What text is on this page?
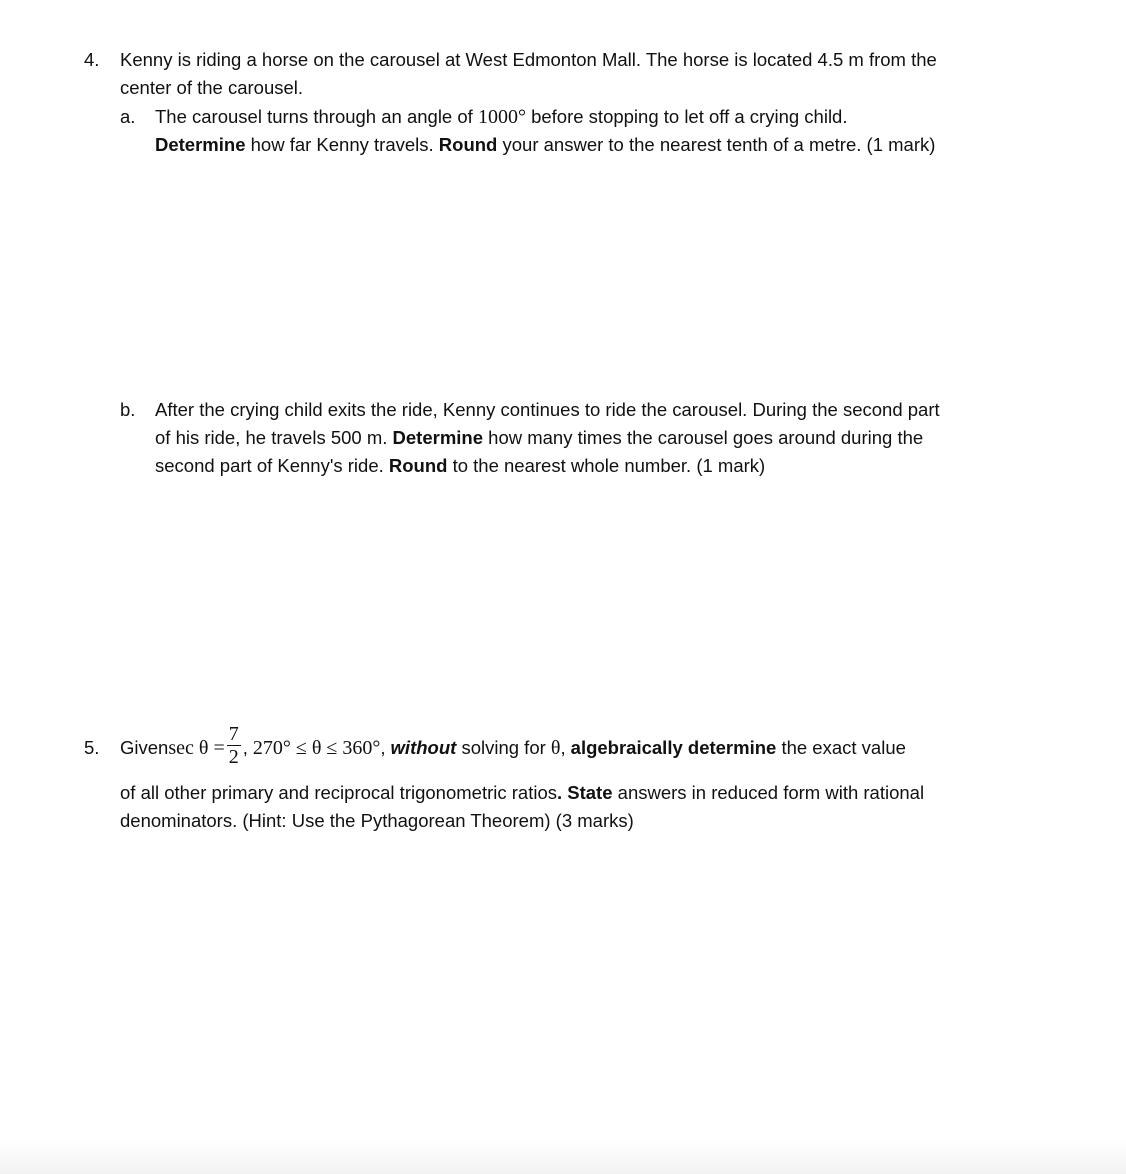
4. Kenny is riding a horse on the carousel at West Edmonton Mall. The horse is located 4.5 m from the
center of the carousel.
a. The carousel turns through an angle of 1000° before stopping to let off a crying child.
Determine how far Kenny travels. Round your answer to the nearest tenth of a metre. (1 mark)
b. After the crying child exits the ride, Kenny continues to ride the carousel. During the second part
of his ride, he travels 500 m. Determine how many times the carousel goes around during the
second part of Kenny's ride. Round to the nearest whole number. (1 mark)
5. Given $\sec \theta = \frac{7}{2}$ , 270° ≤ θ ≤ 360° , without solving for θ , algebraically determine the exact value
of all other primary and reciprocal trigonometric ratios. State answers in reduced form with rational
denominators. (Hint: Use the Pythagorean Theorem) (3 marks)
